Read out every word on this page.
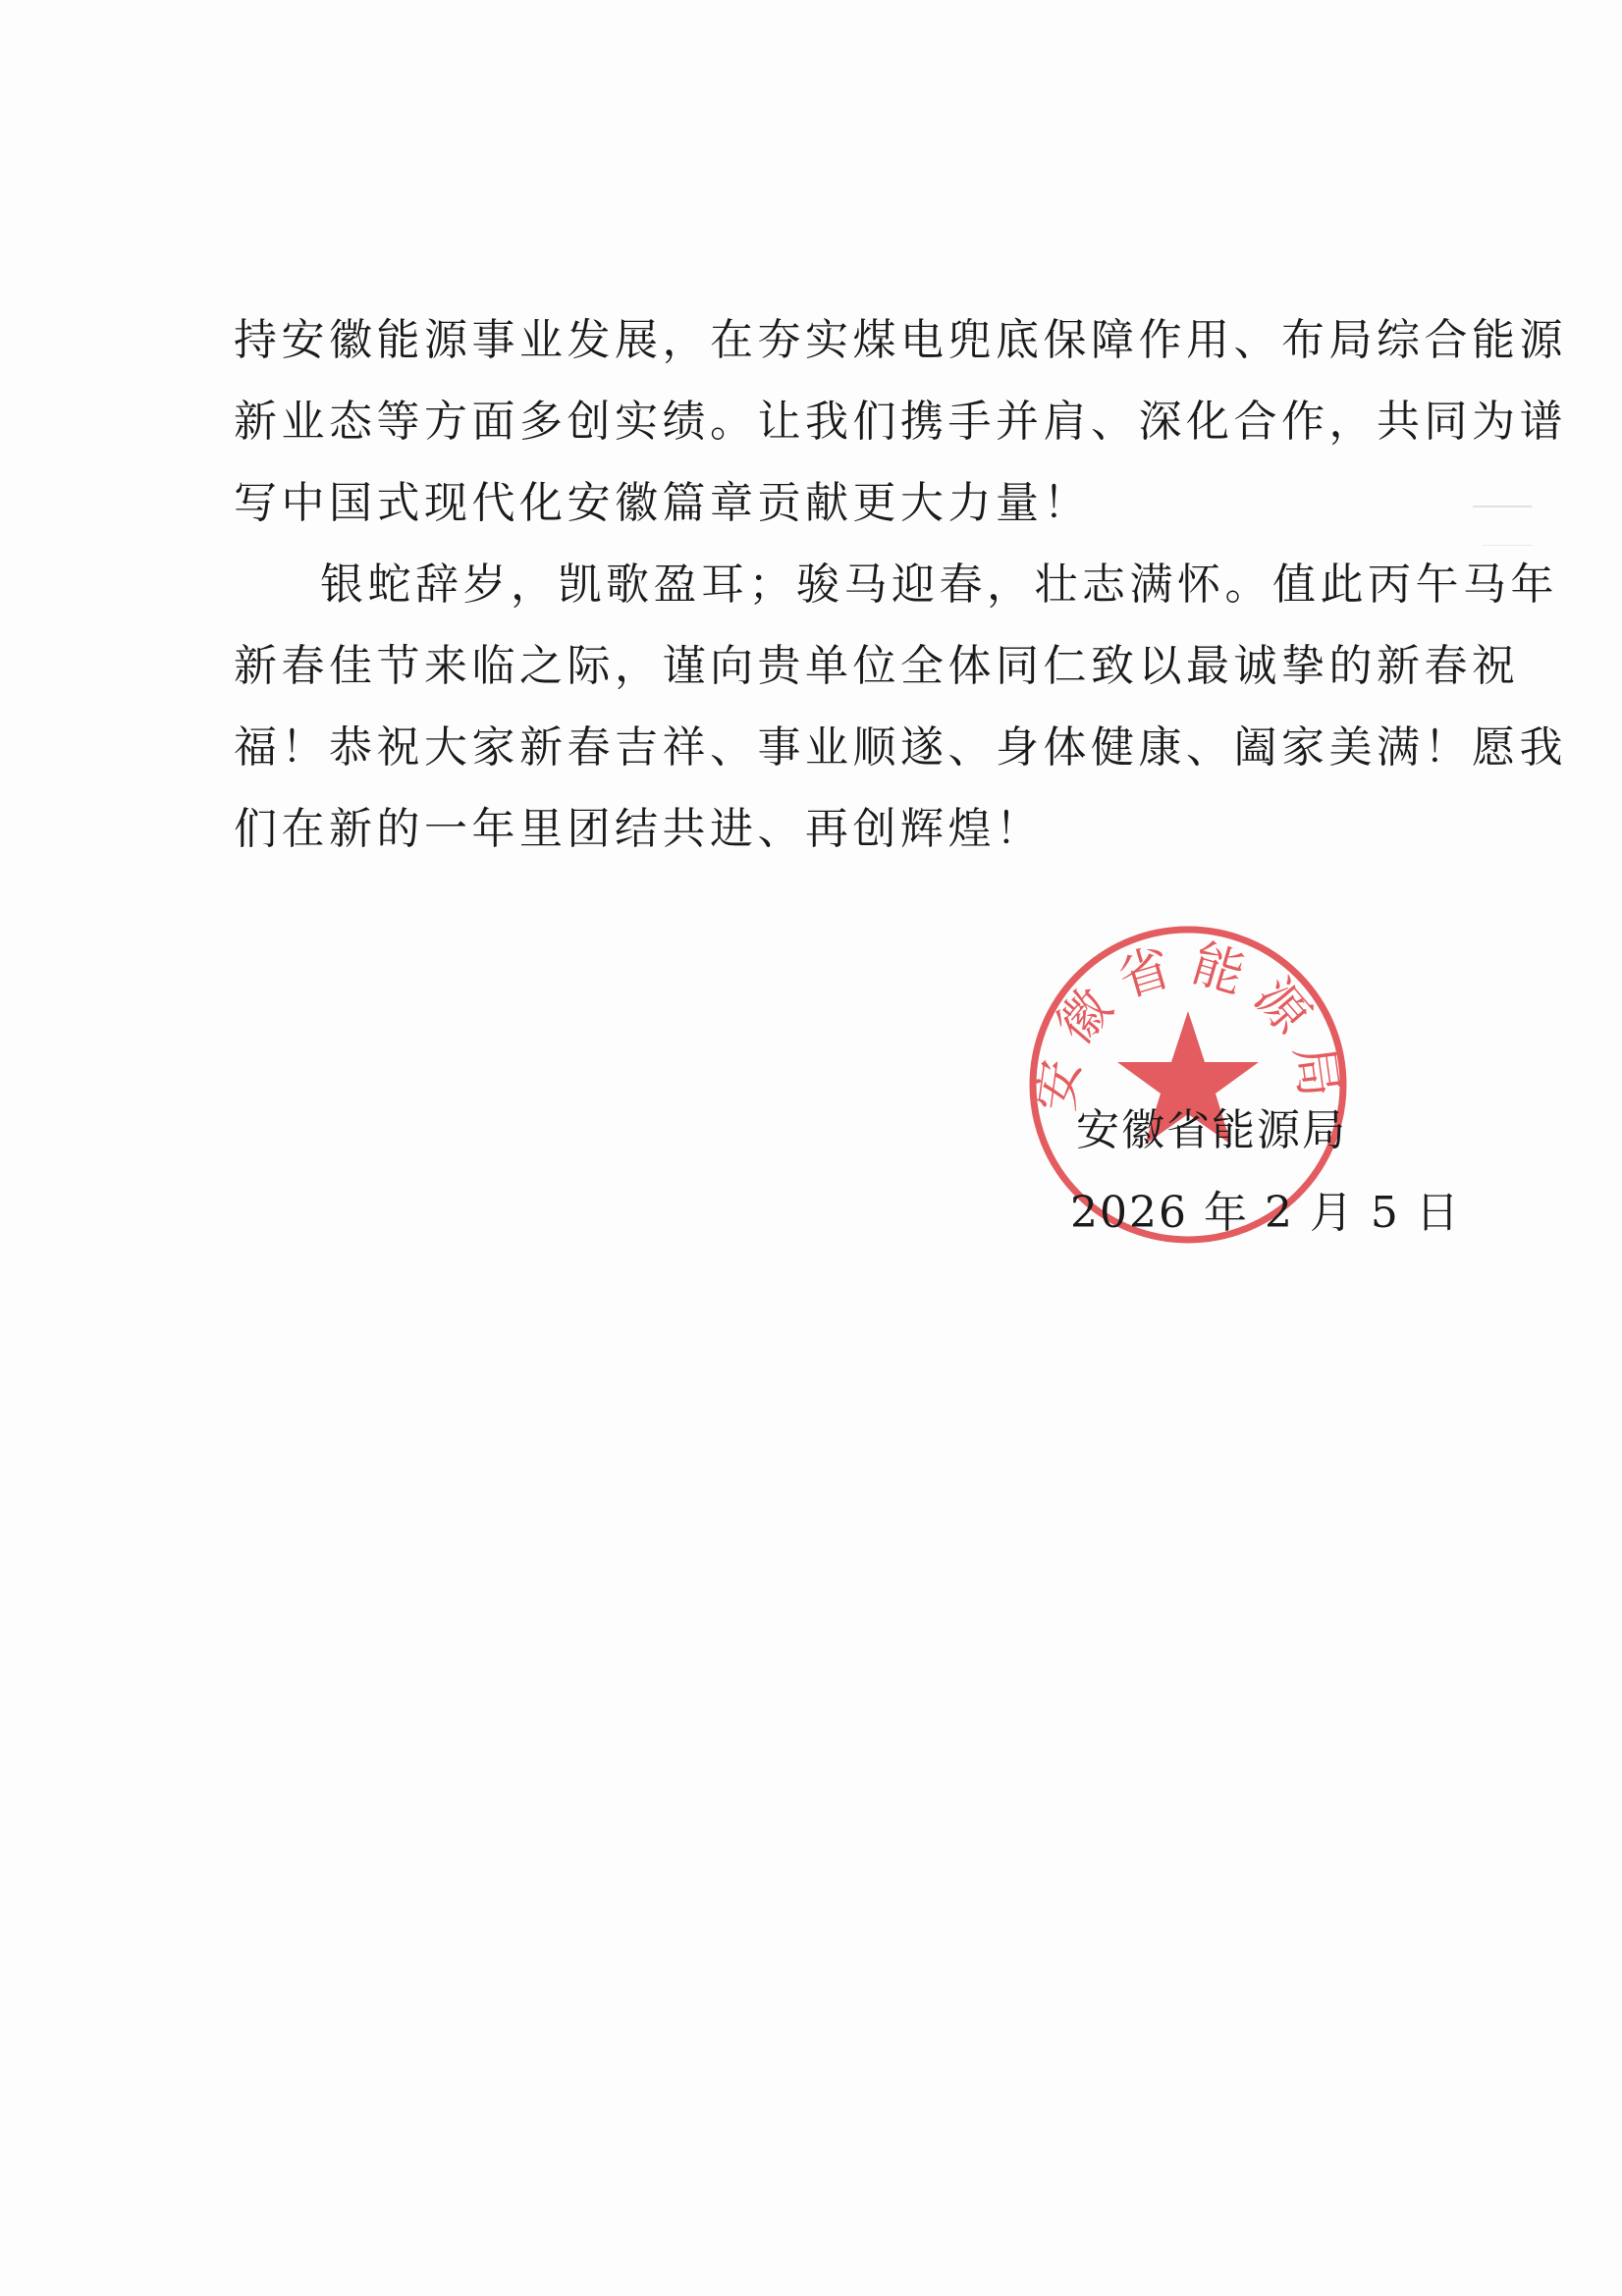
持安徽能源事业发展，在夯实煤电兜底保障作用、布局综合能源
新业态等方面多创实绩。让我们携手并肩、深化合作，共同为谱
写中国式现代化安徽篇章贡献更大力量！
银蛇辞岁，凯歌盈耳；骏马迎春，壮志满怀。值此丙午马年
新春佳节来临之际，谨向贵单位全体同仁致以最诚挚的新春祝
福！恭祝大家新春吉祥、事业顺遂、身体健康、阖家美满！愿我
们在新的一年里团结共进、再创辉煌！
安徽省能源局
安徽省能源局
2026 年 2 月 5 日
